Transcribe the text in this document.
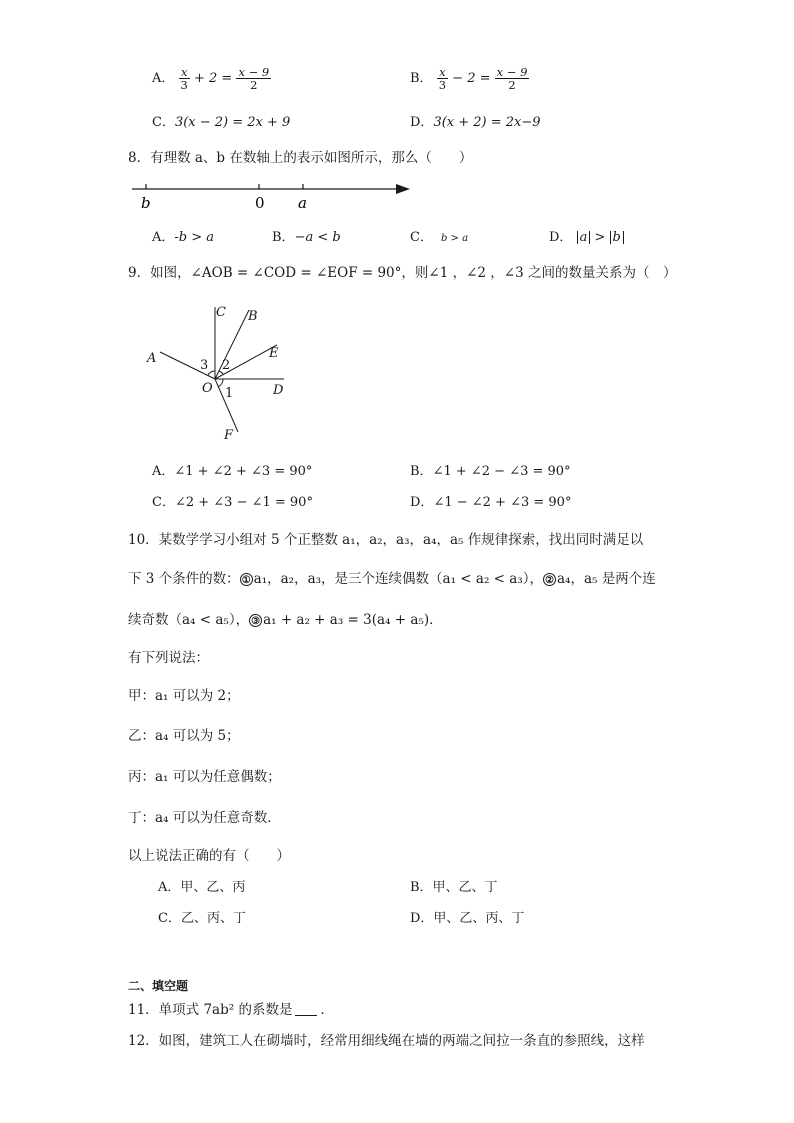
A． $\frac{x}{3} + 2 = \frac{x - 9}{2}$	B． $\frac{x}{3} - 2 = \frac{x - 9}{2}$
C．3(x − 2) = 2x + 9	D．3(x + 2) = 2x−9
8．有理数 a、b 在数轴上的表示如图所示，那么（　　）
b	0 a
A．-b > a	B．−a < b	C． b > a	D． a > b
9．如图，∠AOB = ∠COD = ∠EOF = 90°，则∠1 ，∠2 ，∠3 之间的数量关系为（　）
C B
A	E
D
O
F
1
2
3
A．∠1 + ∠2 + ∠3 = 90°	B．∠1 + ∠2 − ∠3 = 90°
C．∠2 + ∠3 − ∠1 = 90°	D．∠1 − ∠2 + ∠3 = 90°
10．某数学学习小组对 5 个正整数 a₁，a₂，a₃，a₄，a₅ 作规律探索，找出同时满足以
下 3 个条件的数： ① a₁，a₂，a₃，是三个连续偶数（a₁ < a₂ < a₃）， ② a₄，a₅ 是两个连
续奇数（a₄ < a₅）， ③ a₁ + a₂ + a₃ = 3(a₄ + a₅)．
有下列说法：
甲：a₁ 可以为 2；
乙：a₄ 可以为 5；
丙：a₁ 可以为任意偶数；
丁：a₄ 可以为任意奇数．
以上说法正确的有（　　）
A．甲、乙、丙	B．甲、乙、丁
C．乙、丙、丁	D．甲、乙、丙、丁
二、填空题
11．单项式 7ab² 的系数是 ．
12．如图，建筑工人在砌墙时，经常用细线绳在墙的两端之间拉一条直的参照线，这样
